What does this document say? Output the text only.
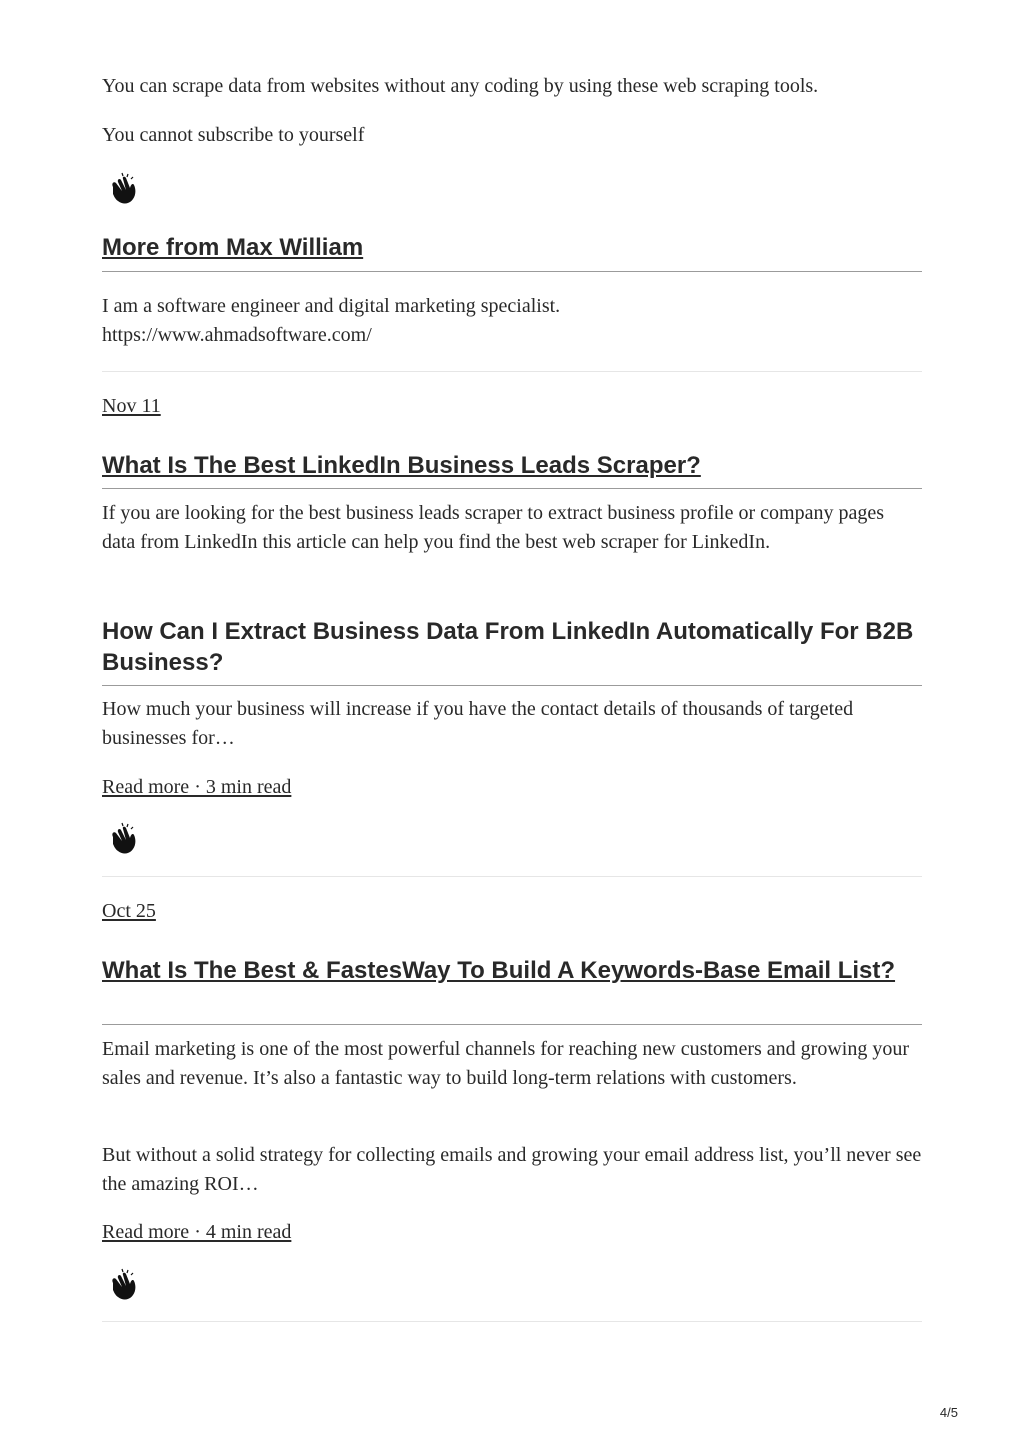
You can scrape data from websites without any coding by using these web scraping tools.

You cannot subscribe to yourself

More from Max William

I am a software engineer and digital marketing specialist.
https://www.ahmadsoftware.com/

Nov 11

What Is The Best LinkedIn Business Leads Scraper?

If you are looking for the best business leads scraper to extract business profile or company pages data from LinkedIn this article can help you find the best web scraper for LinkedIn.

How Can I Extract Business Data From LinkedIn Automatically For B2B Business?

How much your business will increase if you have the contact details of thousands of targeted businesses for…

Read more · 3 min read

Oct 25

What Is The Best & FastesWay To Build A Keywords-Base Email List?

Email marketing is one of the most powerful channels for reaching new customers and growing your sales and revenue. It’s also a fantastic way to build long-term relations with customers.

But without a solid strategy for collecting emails and growing your email address list, you’ll never see the amazing ROI…

Read more · 4 min read

4/5
